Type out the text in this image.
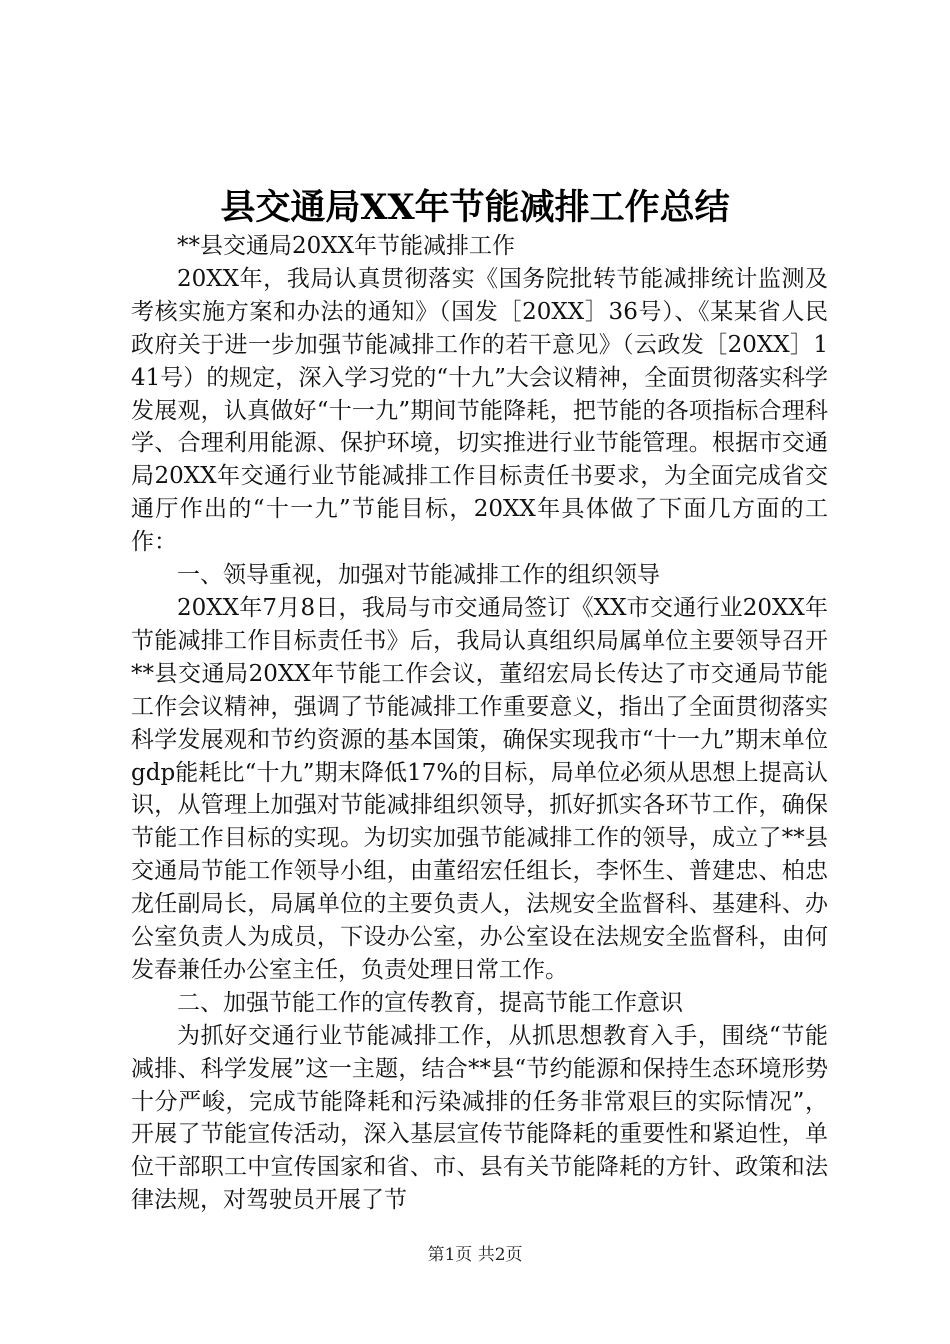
县交通局XX年节能减排工作总结

**县交通局20XX年节能减排工作

20XX年，我局认真贯彻落实《国务院批转节能减排统计监测及考核实施方案和办法的通知》（国发［20XX］36号）、《某某省人民政府关于进一步加强节能减排工作的若干意见》（云政发［20XX］141号）的规定，深入学习党的“十九”大会议精神，全面贯彻落实科学发展观，认真做好“十一九”期间节能降耗，把节能的各项指标合理科学、合理利用能源、保护环境，切实推进行业节能管理。根据市交通局20XX年交通行业节能减排工作目标责任书要求，为全面完成省交通厅作出的“十一九”节能目标，20XX年具体做了下面几方面的工作：

一、领导重视，加强对节能减排工作的组织领导

20XX年7月8日，我局与市交通局签订《XX市交通行业20XX年节能减排工作目标责任书》后，我局认真组织局属单位主要领导召开**县交通局20XX年节能工作会议，董绍宏局长传达了市交通局节能工作会议精神，强调了节能减排工作重要意义，指出了全面贯彻落实科学发展观和节约资源的基本国策，确保实现我市“十一九”期末单位gdp能耗比“十九”期末降低17%的目标，局单位必须从思想上提高认识，从管理上加强对节能减排组织领导，抓好抓实各环节工作，确保节能工作目标的实现。为切实加强节能减排工作的领导，成立了**县交通局节能工作领导小组，由董绍宏任组长，李怀生、普建忠、柏忠龙任副局长，局属单位的主要负责人，法规安全监督科、基建科、办公室负责人为成员，下设办公室，办公室设在法规安全监督科，由何发春兼任办公室主任，负责处理日常工作。

二、加强节能工作的宣传教育，提高节能工作意识

为抓好交通行业节能减排工作，从抓思想教育入手，围绕“节能减排、科学发展”这一主题，结合**县“节约能源和保持生态环境形势十分严峻，完成节能降耗和污染减排的任务非常艰巨的实际情况”，开展了节能宣传活动，深入基层宣传节能降耗的重要性和紧迫性，单位干部职工中宣传国家和省、市、县有关节能降耗的方针、政策和法律法规，对驾驶员开展了节

第1页 共2页
